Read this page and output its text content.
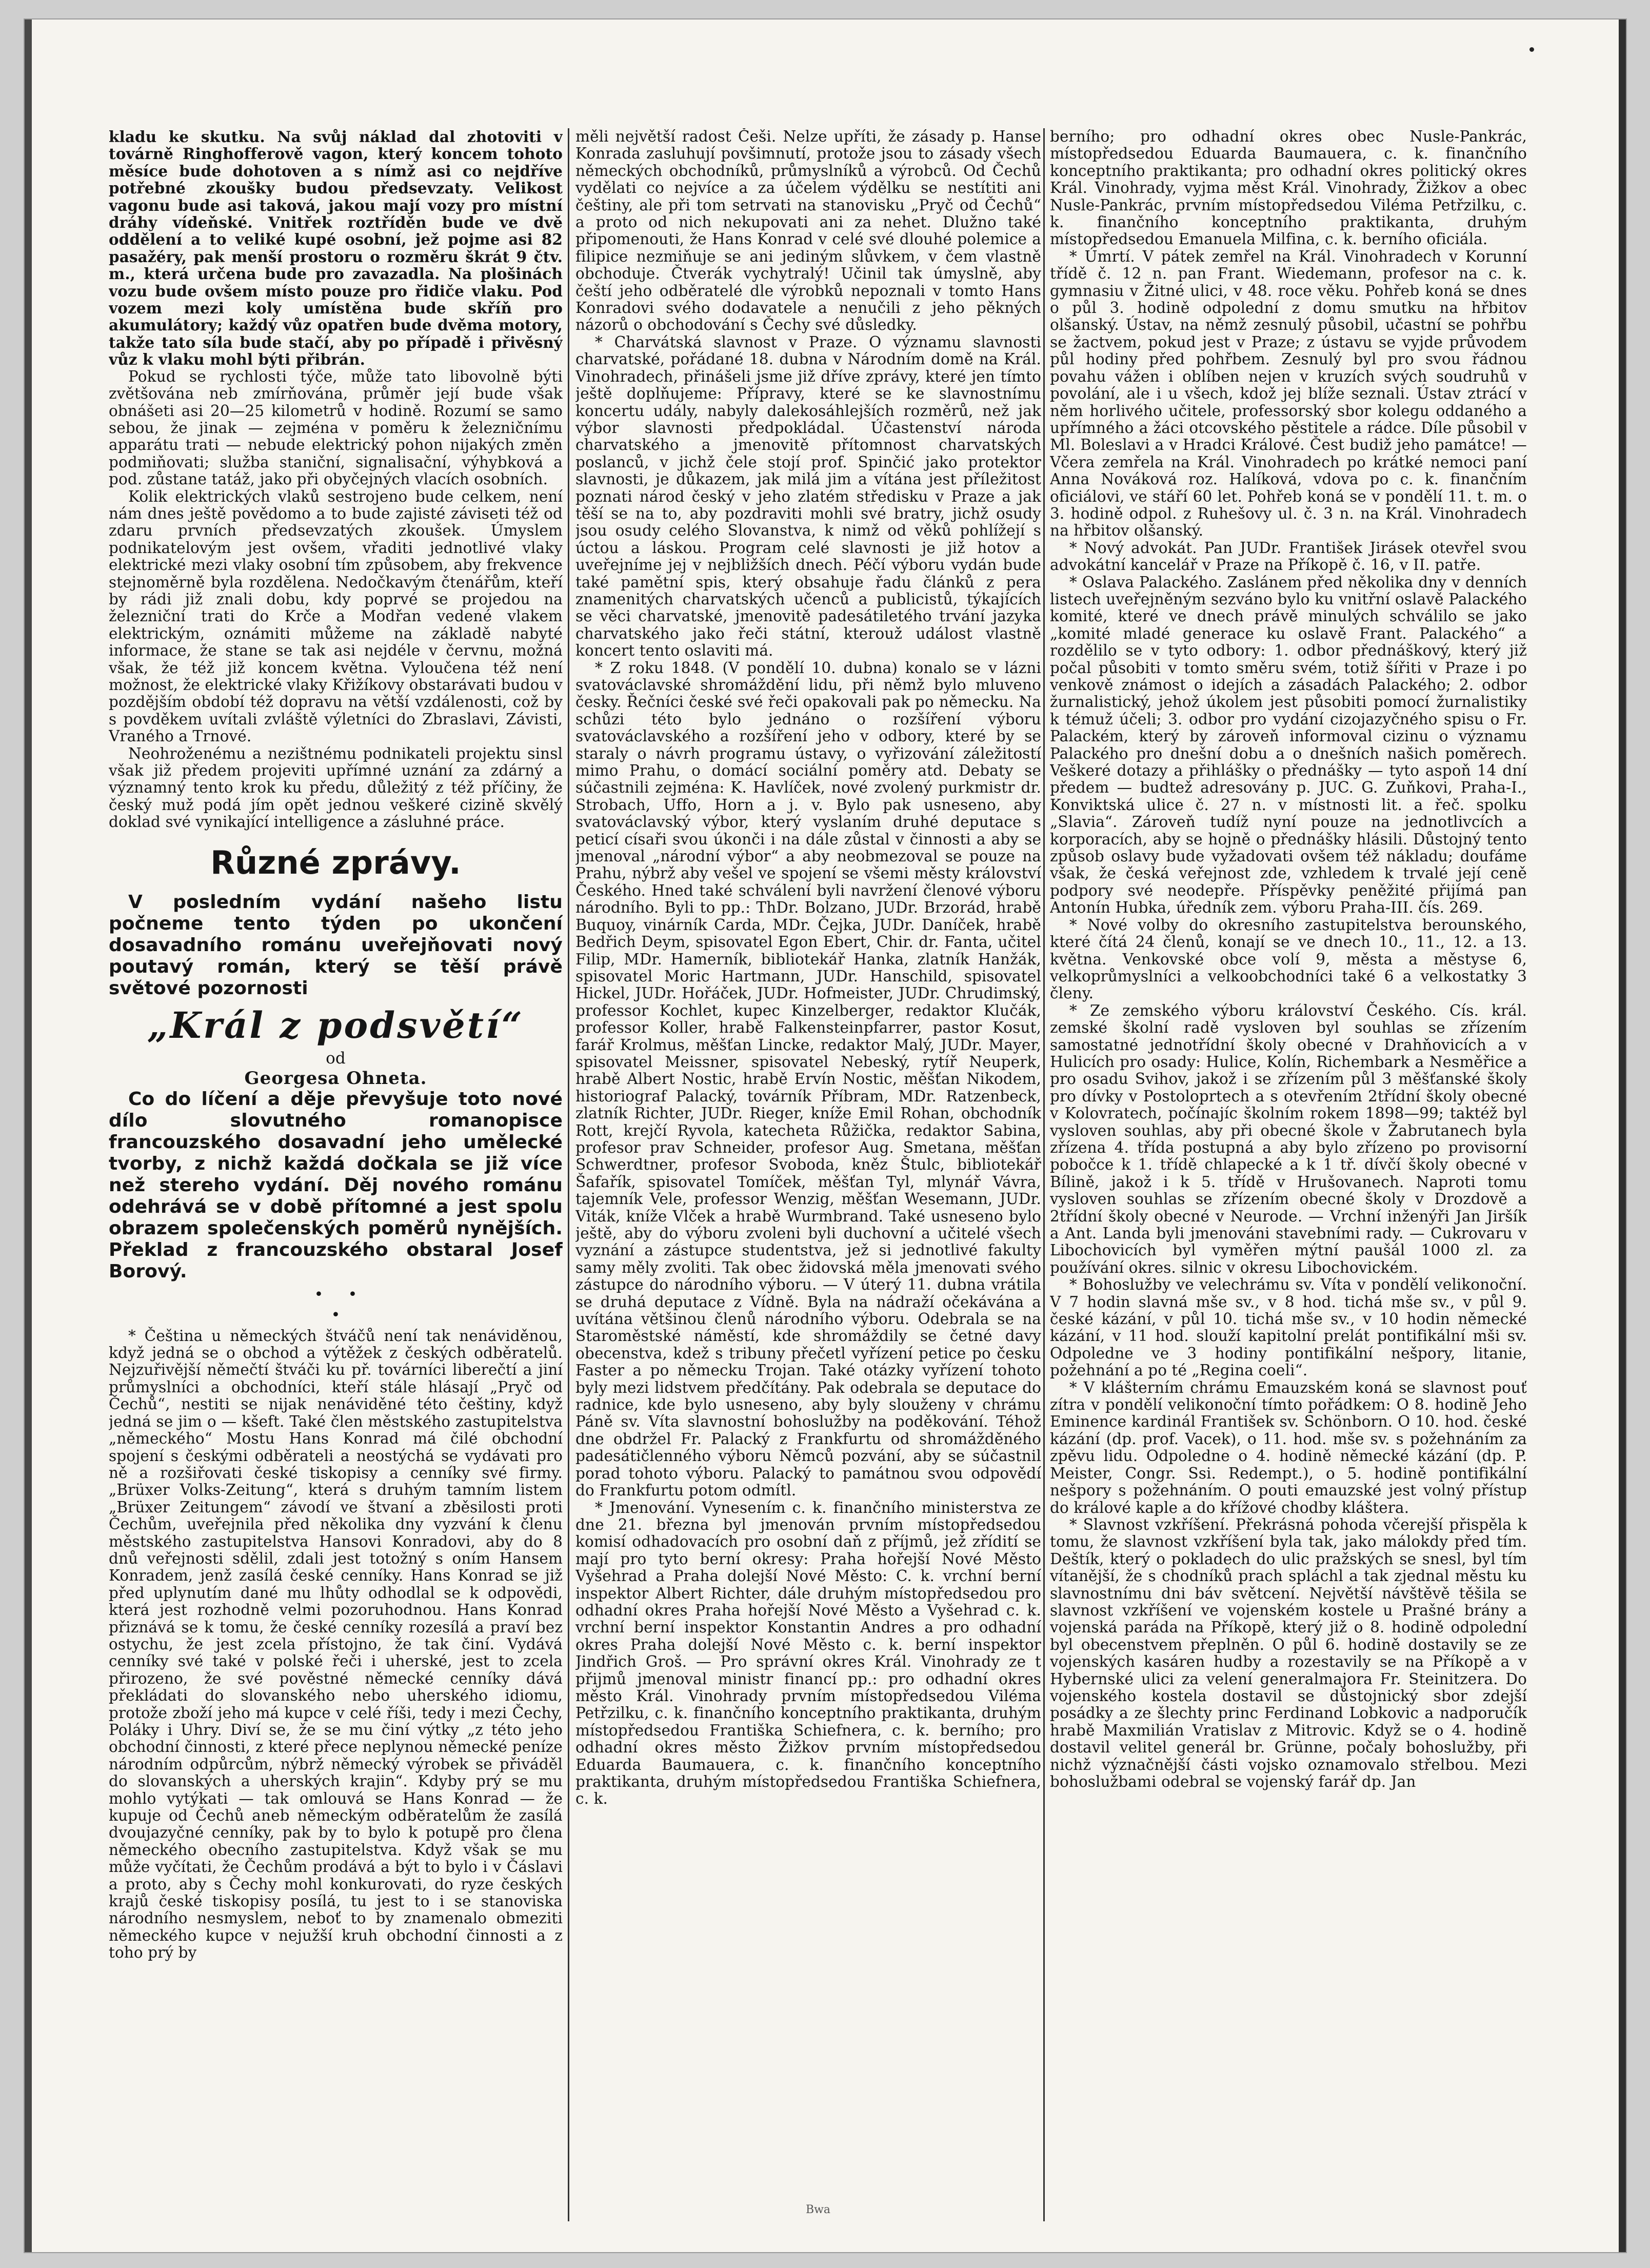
kladu ke skutku. Na svůj náklad dal zhotoviti v továrně Ringhofferově vagon, který koncem tohoto měsíce bude dohotoven a s nímž asi co nejdříve potřebné zkoušky budou předsevzaty. Velikost vagonu bude asi taková, jakou mají vozy pro místní dráhy vídeňské. Vnitřek roztříděn bude ve dvě oddělení a to veliké kupé osobní, jež pojme asi 82 pasažéry, pak menší prostoru o rozměru škrát 9 čtv. m., která určena bude pro zavazadla. Na plošinách vozu bude ovšem místo pouze pro řidiče vlaku. Pod vozem mezi koly umístěna bude skříň pro akumulátory; každý vůz opatřen bude dvěma motory, takže tato síla bude stačí, aby po případě i přivěsný vůz k vlaku mohl býti přibrán.

Pokud se rychlosti týče, může tato libovolně býti zvětšována neb zmírňována, průměr její bude však obnášeti asi 20—25 kilometrů v hodině. Rozumí se samo sebou, že jinak — zejména v poměru k železničnímu apparátu trati — nebude elektrický pohon nijakých změn podmiňovati; služba staniční, signalisační, výhybková a pod. zůstane tatáž, jako při obyčejných vlacích osobních.

Kolik elektrických vlaků sestrojeno bude celkem, není nám dnes ještě povědomo a to bude zajisté záviseti též od zdaru prvních předsevzatých zkoušek. Úmyslem podnikatelovým jest ovšem, vřaditi jednotlivé vlaky elektrické mezi vlaky osobní tím způsobem, aby frekvence stejnoměrně byla rozdělena. Nedočkavým čtenářům, kteří by rádi již znali dobu, kdy poprvé se projedou na železniční trati do Krče a Modřan vedené vlakem elektrickým, oznámiti můžeme na základě nabyté informace, že stane se tak asi nejdéle v červnu, možná však, že též již koncem května. Vyloučena též není možnost, že elektrické vlaky Křižíkovy obstarávati budou v pozdějším období též dopravu na větší vzdálenosti, což by s povděkem uvítali zvláště výletníci do Zbraslavi, Závisti, Vraného a Trnové.

Neohroženému a nezištnému podnikateli projektu sinsl však již předem projeviti upřímné uznání za zdárný a významný tento krok ku předu, důležitý z též příčiny, že český muž podá jím opět jednou veškeré cizině skvělý doklad své vynikající intelligence a zásluhné práce.

Různé zprávy.

V posledním vydání našeho listu počneme tento týden po ukončení dosavadního románu uveřejňovati nový poutavý román, který se těší právě světové pozornosti

„Král z podsvětí“
od
Georgesa Ohneta.

Co do líčení a děje převyšuje toto nové dílo slovutného romanopisce francouzského dosavadní jeho umělecké tvorby, z nichž každá dočkala se již více než stereho vydání. Děj nového románu odehrává se v době přítomné a jest spolu obrazem společenských poměrů nynějších. Překlad z francouzského obstaral Josef Borový.

•     •
•

* Čeština u německých štváčů není tak nenáviděnou, když jedná se o obchod a výtěžek z českých odběratelů. Nejzuřivější němečtí štváči ku př. továrníci liberečtí a jiní průmyslníci a obchodníci, kteří stále hlásají „Pryč od Čechů“, nestiti se nijak nenáviděné této češtiny, když jedná se jim o — kšeft. Také člen městského zastupitelstva „německého“ Mostu Hans Konrad má čilé obchodní spojení s českými odběrateli a neostýchá se vydávati pro ně a rozšiřovati české tiskopisy a cenníky své firmy. „Brüxer Volks-Zeitung“, která s druhým tamním listem „Brüxer Zeitungem“ závodí ve štvaní a zběsilosti proti Čechům, uveřejnila před několika dny vyzvání k členu městského zastupitelstva Hansovi Konradovi, aby do 8 dnů veřejnosti sdělil, zdali jest totožný s oním Hansem Konradem, jenž zasílá české cenníky. Hans Konrad se již před uplynutím dané mu lhůty odhodlal se k odpovědi, která jest rozhodně velmi pozoruhodnou. Hans Konrad přiznává se k tomu, že české cenníky rozesílá a praví bez ostychu, že jest zcela přístojno, že tak činí. Vydává cenníky své také v polské řeči i uherské, jest to zcela přirozeno, že své pověstné německé cenníky dává překládati do slovanského nebo uherského idiomu, protože zboží jeho má kupce v celé říši, tedy i mezi Čechy, Poláky i Uhry. Diví se, že se mu činí výtky „z této jeho obchodní činnosti, z které přece neplynou německé peníze národním odpůrcům, nýbrž německý výrobek se přiváděl do slovanských a uherských krajin“. Kdyby prý se mu mohlo vytýkati — tak omlouvá se Hans Konrad — že kupuje od Čechů aneb německým odběratelům že zasílá dvoujazyčné cenníky, pak by to bylo k potupě pro člena německého obecního zastupitelstva. Když však se mu může vyčítati, že Čechům prodává a být to bylo i v Čáslavi a proto, aby s Čechy mohl konkurovati, do ryze českých krajů české tiskopisy posílá, tu jest to i se stanoviska národního nesmyslem, neboť to by znamenalo obmeziti německého kupce v nejužší kruh obchodní činnosti a z toho prý by

měli největší radost Češi. Nelze upříti, že zásady p. Hanse Konrada zasluhují povšimnutí, protože jsou to zásady všech německých obchodníků, průmyslníků a výrobců. Od Čechů vydělati co nejvíce a za účelem výdělku se nestítiti ani češtiny, ale při tom setrvati na stanovisku „Pryč od Čechů“ a proto od nich nekupovati ani za nehet. Dlužno také připomenouti, že Hans Konrad v celé své dlouhé polemice a filipice nezmiňuje se ani jediným slůvkem, v čem vlastně obchoduje. Čtverák vychytralý! Učinil tak úmyslně, aby čeští jeho odběratelé dle výrobků nepoznali v tomto Hans Konradovi svého dodavatele a nenučili z jeho pěkných názorů o obchodování s Čechy své důsledky.

* Charvátská slavnost v Praze. O významu slavnosti charvatské, pořádané 18. dubna v Národním domě na Král. Vinohradech, přinášeli jsme již dříve zprávy, které jen tímto ještě doplňujeme: Přípravy, které se ke slavnostnímu koncertu udály, nabyly dalekosáhlejších rozměrů, než jak výbor slavnosti předpokládal. Účastenství národa charvatského a jmenovitě přítomnost charvatských poslanců, v jichž čele stojí prof. Spinčić jako protektor slavnosti, je důkazem, jak milá jim a vítána jest příležitost poznati národ český v jeho zlatém středisku v Praze a jak těší se na to, aby pozdraviti mohli své bratry, jichž osudy jsou osudy celého Slovanstva, k nimž od věků pohlížejí s úctou a láskou. Program celé slavnosti je již hotov a uveřejníme jej v nejbližších dnech. Péčí výboru vydán bude také pamětní spis, který obsahuje řadu článků z pera znamenitých charvatských učenců a publicistů, týkajících se věci charvatské, jmenovitě padesátiletého trvání jazyka charvatského jako řeči státní, kterouž událost vlastně koncert tento oslaviti má.

* Z roku 1848. (V pondělí 10. dubna) konalo se v lázni svatováclavské shromáždění lidu, při němž bylo mluveno česky. Řečníci české své řeči opakovali pak po německu. Na schůzi této bylo jednáno o rozšíření výboru svatováclavského a rozšíření jeho v odbory, které by se staraly o návrh programu ústavy, o vyřizování záležitostí mimo Prahu, o domácí sociální poměry atd. Debaty se súčastnili zejména: K. Havlíček, nové zvolený purkmistr dr. Strobach, Uffo, Horn a j. v. Bylo pak usneseno, aby svatováclavský výbor, který vyslaním druhé deputace s peticí císaři svou úkonči i na dále zůstal v činnosti a aby se jmenoval „národní výbor“ a aby neobmezoval se pouze na Prahu, nýbrž aby vešel ve spojení se všemi městy království Českého. Hned také schválení byli navržení členové výboru národního. Byli to pp.: ThDr. Bolzano, JUDr. Brzorád, hrabě Buquoy, vinárník Carda, MDr. Čejka, JUDr. Daníček, hrabě Bedřich Deym, spisovatel Egon Ebert, Chir. dr. Fanta, učitel Filip, MDr. Hamerník, bibliotekář Hanka, zlatník Hanžák, spisovatel Moric Hartmann, JUDr. Hanschild, spisovatel Hickel, JUDr. Hořáček, JUDr. Hofmeister, JUDr. Chrudimský, professor Kochlet, kupec Kinzelberger, redaktor Klučák, professor Koller, hrabě Falkensteinpfarrer, pastor Kosut, farář Krolmus, měšťan Lincke, redaktor Malý, JUDr. Mayer, spisovatel Meissner, spisovatel Nebeský, rytíř Neuperk, hrabě Albert Nostic, hrabě Ervín Nostic, měšťan Nikodem, historiograf Palacký, továrník Příbram, MDr. Ratzenbeck, zlatník Richter, JUDr. Rieger, kníže Emil Rohan, obchodník Rott, krejčí Ryvola, katecheta Růžička, redaktor Sabina, profesor prav Schneider, profesor Aug. Smetana, měšťan Schwerdtner, profesor Svoboda, kněz Štulc, bibliotekář Šafařík, spisovatel Tomíček, měšťan Tyl, mlynář Vávra, tajemník Vele, professor Wenzig, měšťan Wesemann, JUDr. Viták, kníže Vlček a hrabě Wurmbrand. Také usneseno bylo ještě, aby do výboru zvoleni byli duchovní a učitelé všech vyznání a zástupce studentstva, jež si jednotlivé fakulty samy měly zvoliti. Tak obec židovská měla jmenovati svého zástupce do národního výboru. — V úterý 11. dubna vrátila se druhá deputace z Vídně. Byla na nádraží očekávána a uvítána většinou členů národního výboru. Odebrala se na Staroměstské náměstí, kde shromáždily se četné davy obecenstva, kdež s tribuny přečetl vyřízení petice po česku Faster a po německu Trojan. Také otázky vyřízení tohoto byly mezi lidstvem předčítány. Pak odebrala se deputace do radnice, kde bylo usneseno, aby byly slouženy v chrámu Páně sv. Víta slavnostní bohoslužby na poděkování. Téhož dne obdržel Fr. Palacký z Frankfurtu od shromážděného padesátičlenného výboru Němců pozvání, aby se súčastnil porad tohoto výboru. Palacký to památnou svou odpovědí do Frankfurtu potom odmítl.

* Jmenování. Vynesením c. k. finančního ministerstva ze dne 21. března byl jmenován prvním místopředsedou komisí odhadovacích pro osobní daň z příjmů, jež zřídití se mají pro tyto berní okresy: Praha hořejší Nové Město Vyšehrad a Praha dolejší Nové Město: C. k. vrchní berní inspektor Albert Richter, dále druhým místopředsedou pro odhadní okres Praha hořejší Nové Město a Vyšehrad c. k. vrchní berní inspektor Konstantin Andres a pro odhadní okres Praha dolejší Nové Město c. k. berní inspektor Jindřich Groš. — Pro správní okres Král. Vinohrady ze t přijmů jmenoval ministr financí pp.: pro odhadní okres město Král. Vinohrady prvním místopředsedou Viléma Petřzilku, c. k. finančního konceptního praktikanta, druhým místopředsedou Františka Schiefnera, c. k. berního; pro odhadní okres město Žižkov prvním místopředsedou Eduarda Baumauera, c. k. finančního konceptního praktikanta, druhým místopředsedou Františka Schiefnera, c. k.

berního; pro odhadní okres obec Nusle-Pankrác, místopředsedou Eduarda Baumauera, c. k. finančního konceptního praktikanta; pro odhadní okres politický okres Král. Vinohrady, vyjma měst Král. Vinohrady, Žižkov a obec Nusle-Pankrác, prvním místopředsedou Viléma Petřzilku, c. k. finančního konceptního praktikanta, druhým místopředsedou Emanuela Milfina, c. k. berního oficiála.

* Úmrtí. V pátek zemřel na Král. Vinohradech v Korunní třídě č. 12 n. pan Frant. Wiedemann, profesor na c. k. gymnasiu v Žitné ulici, v 48. roce věku. Pohřeb koná se dnes o půl 3. hodině odpolední z domu smutku na hřbitov olšanský. Ústav, na němž zesnulý působil, učastní se pohřbu se žactvem, pokud jest v Praze; z ústavu se vyjde průvodem půl hodiny před pohřbem. Zesnulý byl pro svou řádnou povahu vážen i oblíben nejen v kruzích svých soudruhů v povolání, ale i u všech, kdož jej blíže seznali. Ústav ztrácí v něm horlivého učitele, professorský sbor kolegu oddaného a upřímného a žáci otcovského pěstitele a rádce. Díle působil v Ml. Boleslavi a v Hradci Králové. Čest budiž jeho památce! — Včera zemřela na Král. Vinohradech po krátké nemoci paní Anna Nováková roz. Halíková, vdova po c. k. finančním oficiálovi, ve stáří 60 let. Pohřeb koná se v pondělí 11. t. m. o 3. hodině odpol. z Ruhešovy ul. č. 3 n. na Král. Vinohradech na hřbitov olšanský.

* Nový advokát. Pan JUDr. František Jirásek otevřel svou advokátní kancelář v Praze na Příkopě č. 16, v II. patře.

* Oslava Palackého. Zaslánem před několika dny v denních listech uveřejněným sezváno bylo ku vnitřní oslavě Palackého komité, které ve dnech právě minulých schválilo se jako „komité mladé generace ku oslavě Frant. Palackého“ a rozdělilo se v tyto odbory: 1. odbor přednáškový, který již počal působiti v tomto směru svém, totiž šířiti v Praze i po venkově známost o idejích a zásadách Palackého; 2. odbor žurnalistický, jehož úkolem jest působiti pomocí žurnalistiky k témuž účeli; 3. odbor pro vydání cizojazyčného spisu o Fr. Palackém, který by zároveň informoval cizinu o významu Palackého pro dnešní dobu a o dnešních našich poměrech. Veškeré dotazy a přihlášky o přednášky — tyto aspoň 14 dní předem — budtež adresovány p. JUC. G. Zuňkovi, Praha-I., Konviktská ulice č. 27 n. v místnosti lit. a řeč. spolku „Slavia“. Zároveň tudíž nyní pouze na jednotlivcích a korporacích, aby se hojně o přednášky hlásili. Důstojný tento způsob oslavy bude vyžadovati ovšem též nákladu; doufáme však, že česká veřejnost zde, vzhledem k trvalé její ceně podpory své neodepře. Příspěvky peněžité přijímá pan Antonín Hubka, úředník zem. výboru Praha-III. čís. 269.

* Nové volby do okresního zastupitelstva berounského, které čítá 24 členů, konají se ve dnech 10., 11., 12. a 13. května. Venkovské obce volí 9, města a městyse 6, velkoprůmyslníci a velkoobchodníci také 6 a velkostatky 3 členy.

* Ze zemského výboru království Českého. Cís. král. zemské školní radě vysloven byl souhlas se zřízením samostatné jednotřídní školy obecné v Drahňovicích a v Hulicích pro osady: Hulice, Kolín, Richembark a Nesměřice a pro osadu Svihov, jakož i se zřízením půl 3 měšťanské školy pro dívky v Postoloprtech a s otevřením 2třídní školy obecné v Kolovratech, počínajíc školním rokem 1898—99; taktéž byl vysloven souhlas, aby při obecné škole v Žabrutanech byla zřízena 4. třída postupná a aby bylo zřízeno po provisorní pobočce k 1. třídě chlapecké a k 1 tř. dívčí školy obecné v Bílině, jakož i k 5. třídě v Hrušovanech. Naproti tomu vysloven souhlas se zřízením obecné školy v Drozdově a 2třídní školy obecné v Neurode. — Vrchní inženýři Jan Jiršík a Ant. Landa byli jmenováni stavebními rady. — Cukrovaru v Libochovicích byl vyměřen mýtní paušál 1000 zl. za používání okres. silnic v okresu Libochovickém.

* Bohoslužby ve velechrámu sv. Víta v pondělí velikonoční. V 7 hodin slavná mše sv., v 8 hod. tichá mše sv., v půl 9. české kázání, v půl 10. tichá mše sv., v 10 hodin německé kázání, v 11 hod. slouží kapitolní prelát pontifikální mši sv. Odpoledne ve 3 hodiny pontifikální nešpory, litanie, požehnání a po té „Regina coeli“.

* V klášterním chrámu Emauzském koná se slavnost pouť zítra v pondělí velikonoční tímto pořádkem: O 8. hodině Jeho Eminence kardinál František sv. Schönborn. O 10. hod. české kázání (dp. prof. Vacek), o 11. hod. mše sv. s požehnáním za zpěvu lidu. Odpoledne o 4. hodině německé kázání (dp. P. Meister, Congr. Ssi. Redempt.), o 5. hodině pontifikální nešpory s požehnáním. O pouti emauzské jest volný přístup do králové kaple a do křížové chodby kláštera.

* Slavnost vzkříšení. Překrásná pohoda včerejší přispěla k tomu, že slavnost vzkříšení byla tak, jako málokdy před tím. Deštík, který o pokladech do ulic pražských se snesl, byl tím vítanější, že s chodníků prach spláchl a tak zjednal městu ku slavnostnímu dni báv světcení. Největší návštěvě těšila se slavnost vzkříšení ve vojenském kostele u Prašné brány a vojenská paráda na Příkopě, který již o 8. hodině odpolední byl obecenstvem přeplněn. O půl 6. hodině dostavily se ze vojenských kasáren hudby a rozestavily se na Příkopě a v Hybernské ulici za velení generalmajora Fr. Steinitzera. Do vojenského kostela dostavil se důstojnický sbor zdejší posádky a ze šlechty princ Ferdinand Lobkovic a nadporučík hrabě Maxmilián Vratislav z Mitrovic. Když se o 4. hodině dostavil velitel generál br. Grünne, počaly bohoslužby, při nichž význačnější části vojsko oznamovalo střelbou. Mezi bohoslužbami odebral se vojenský farář dp. Jan

Bwa
